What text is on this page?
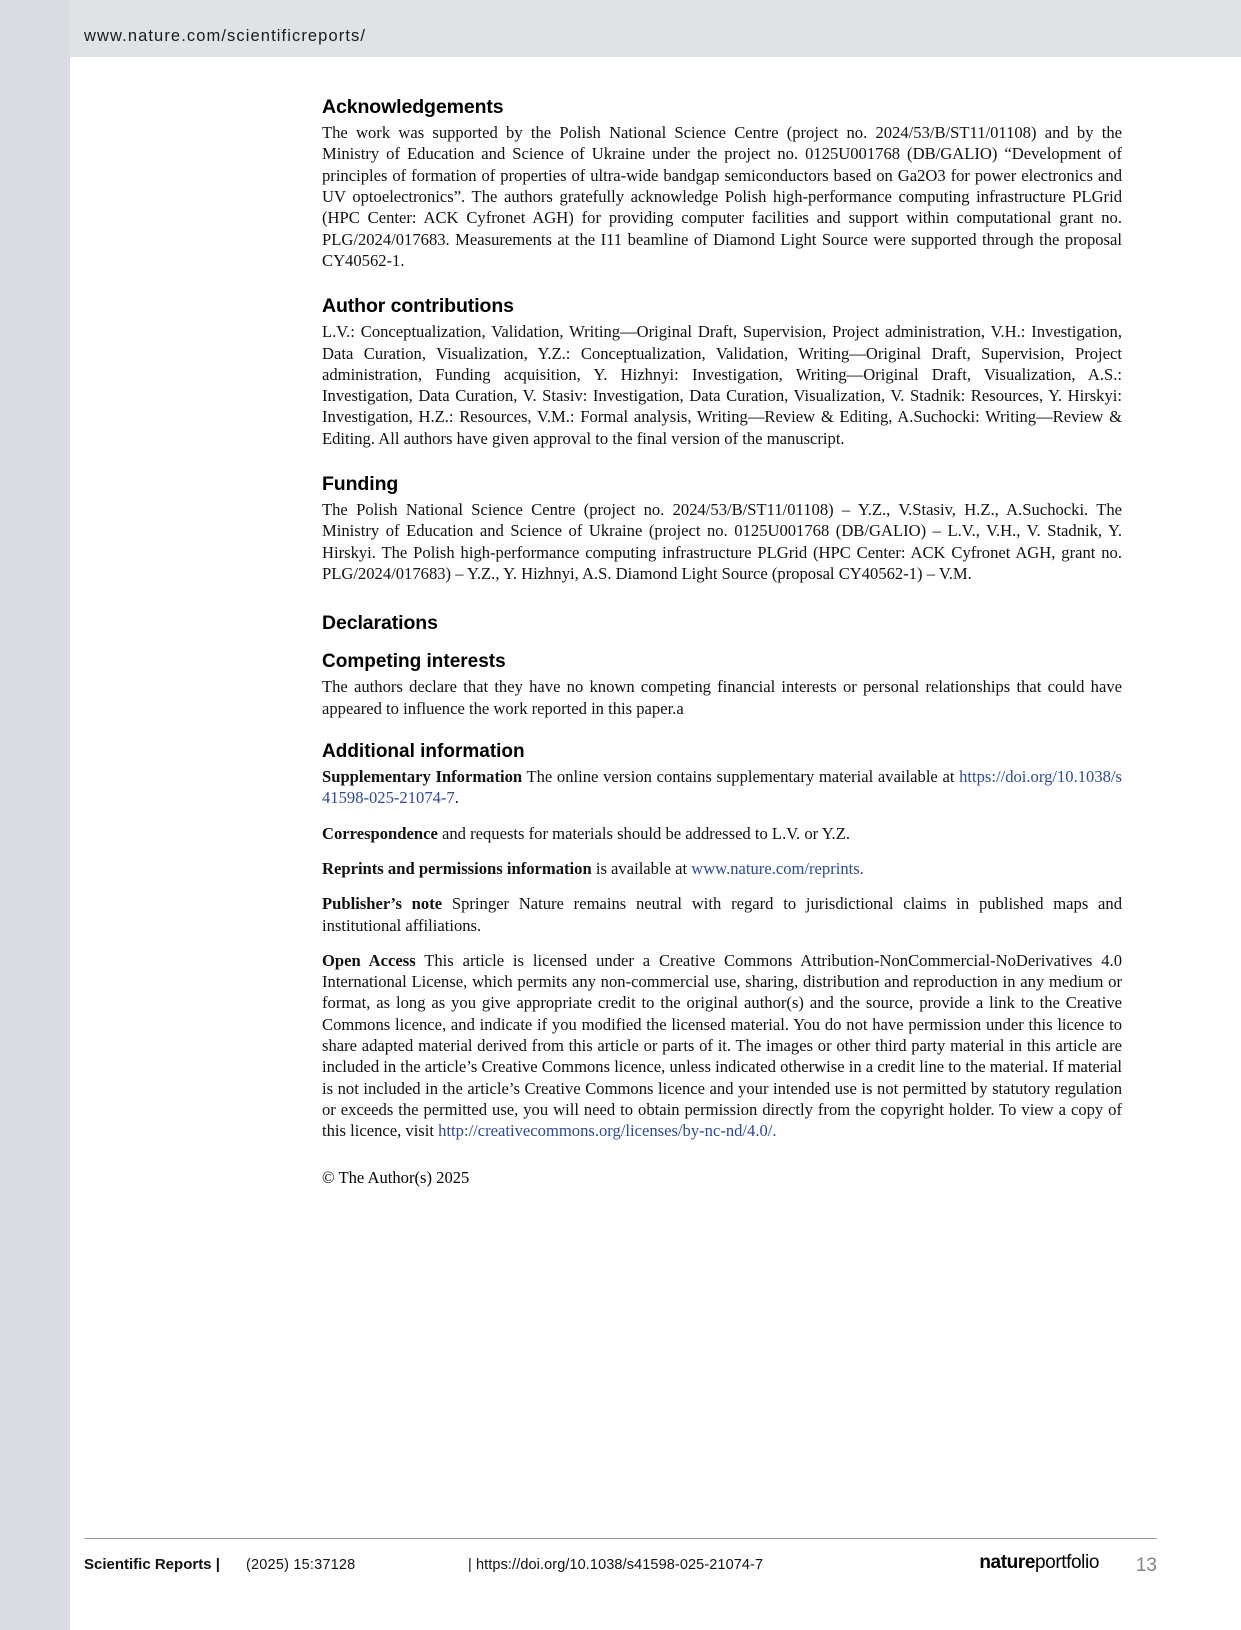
www.nature.com/scientificreports/
Acknowledgements

The work was supported by the Polish National Science Centre (project no. 2024/53/B/ST11/01108) and by the Ministry of Education and Science of Ukraine under the project no. 0125U001768 (DB/GALIO) “Development of principles of formation of properties of ultra-wide bandgap semiconductors based on Ga2O3 for power electronics and UV optoelectronics”. The authors gratefully acknowledge Polish high-performance computing infrastructure PLGrid (HPC Center: ACK Cyfronet AGH) for providing computer facilities and support within computational grant no. PLG/2024/017683. Measurements at the I11 beamline of Diamond Light Source were supported through the proposal CY40562-1.

Author contributions

L.V.: Conceptualization, Validation, Writing—Original Draft, Supervision, Project administration, V.H.: Investigation, Data Curation, Visualization, Y.Z.: Conceptualization, Validation, Writing—Original Draft, Supervision, Project administration, Funding acquisition, Y. Hizhnyi: Investigation, Writing—Original Draft, Visualization, A.S.: Investigation, Data Curation, V. Stasiv: Investigation, Data Curation, Visualization, V. Stadnik: Resources, Y. Hirskyi: Investigation, H.Z.: Resources, V.M.: Formal analysis, Writing—Review & Editing, A.Suchocki: Writing—Review & Editing. All authors have given approval to the final version of the manuscript.

Funding

The Polish National Science Centre (project no. 2024/53/B/ST11/01108) – Y.Z., V.Stasiv, H.Z., A.Suchocki. The Ministry of Education and Science of Ukraine (project no. 0125U001768 (DB/GALIO) – L.V., V.H., V. Stadnik, Y. Hirskyi. The Polish high-performance computing infrastructure PLGrid (HPC Center: ACK Cyfronet AGH, grant no. PLG/2024/017683) – Y.Z., Y. Hizhnyi, A.S. Diamond Light Source (proposal CY40562-1) – V.M.

Declarations
Competing interests

The authors declare that they have no known competing financial interests or personal relationships that could have appeared to influence the work reported in this paper.a

Additional information

Supplementary Information The online version contains supplementary material available at https://doi.org/10.1038/s41598-025-21074-7.

Correspondence and requests for materials should be addressed to L.V. or Y.Z.

Reprints and permissions information is available at www.nature.com/reprints.

Publisher’s note Springer Nature remains neutral with regard to jurisdictional claims in published maps and institutional affiliations.

Open Access This article is licensed under a Creative Commons Attribution-NonCommercial-NoDerivatives 4.0 International License, which permits any non-commercial use, sharing, distribution and reproduction in any medium or format, as long as you give appropriate credit to the original author(s) and the source, provide a link to the Creative Commons licence, and indicate if you modified the licensed material. You do not have permission under this licence to share adapted material derived from this article or parts of it. The images or other third party material in this article are included in the article’s Creative Commons licence, unless indicated otherwise in a credit line to the material. If material is not included in the article’s Creative Commons licence and your intended use is not permitted by statutory regulation or exceeds the permitted use, you will need to obtain permission directly from the copyright holder. To view a copy of this licence, visit http://creativecommons.org/licenses/by-nc-nd/4.0/.

© The Author(s) 2025
Scientific Reports | (2025) 15:37128	| https://doi.org/10.1038/s41598-025-21074-7	natureportfolio 13
